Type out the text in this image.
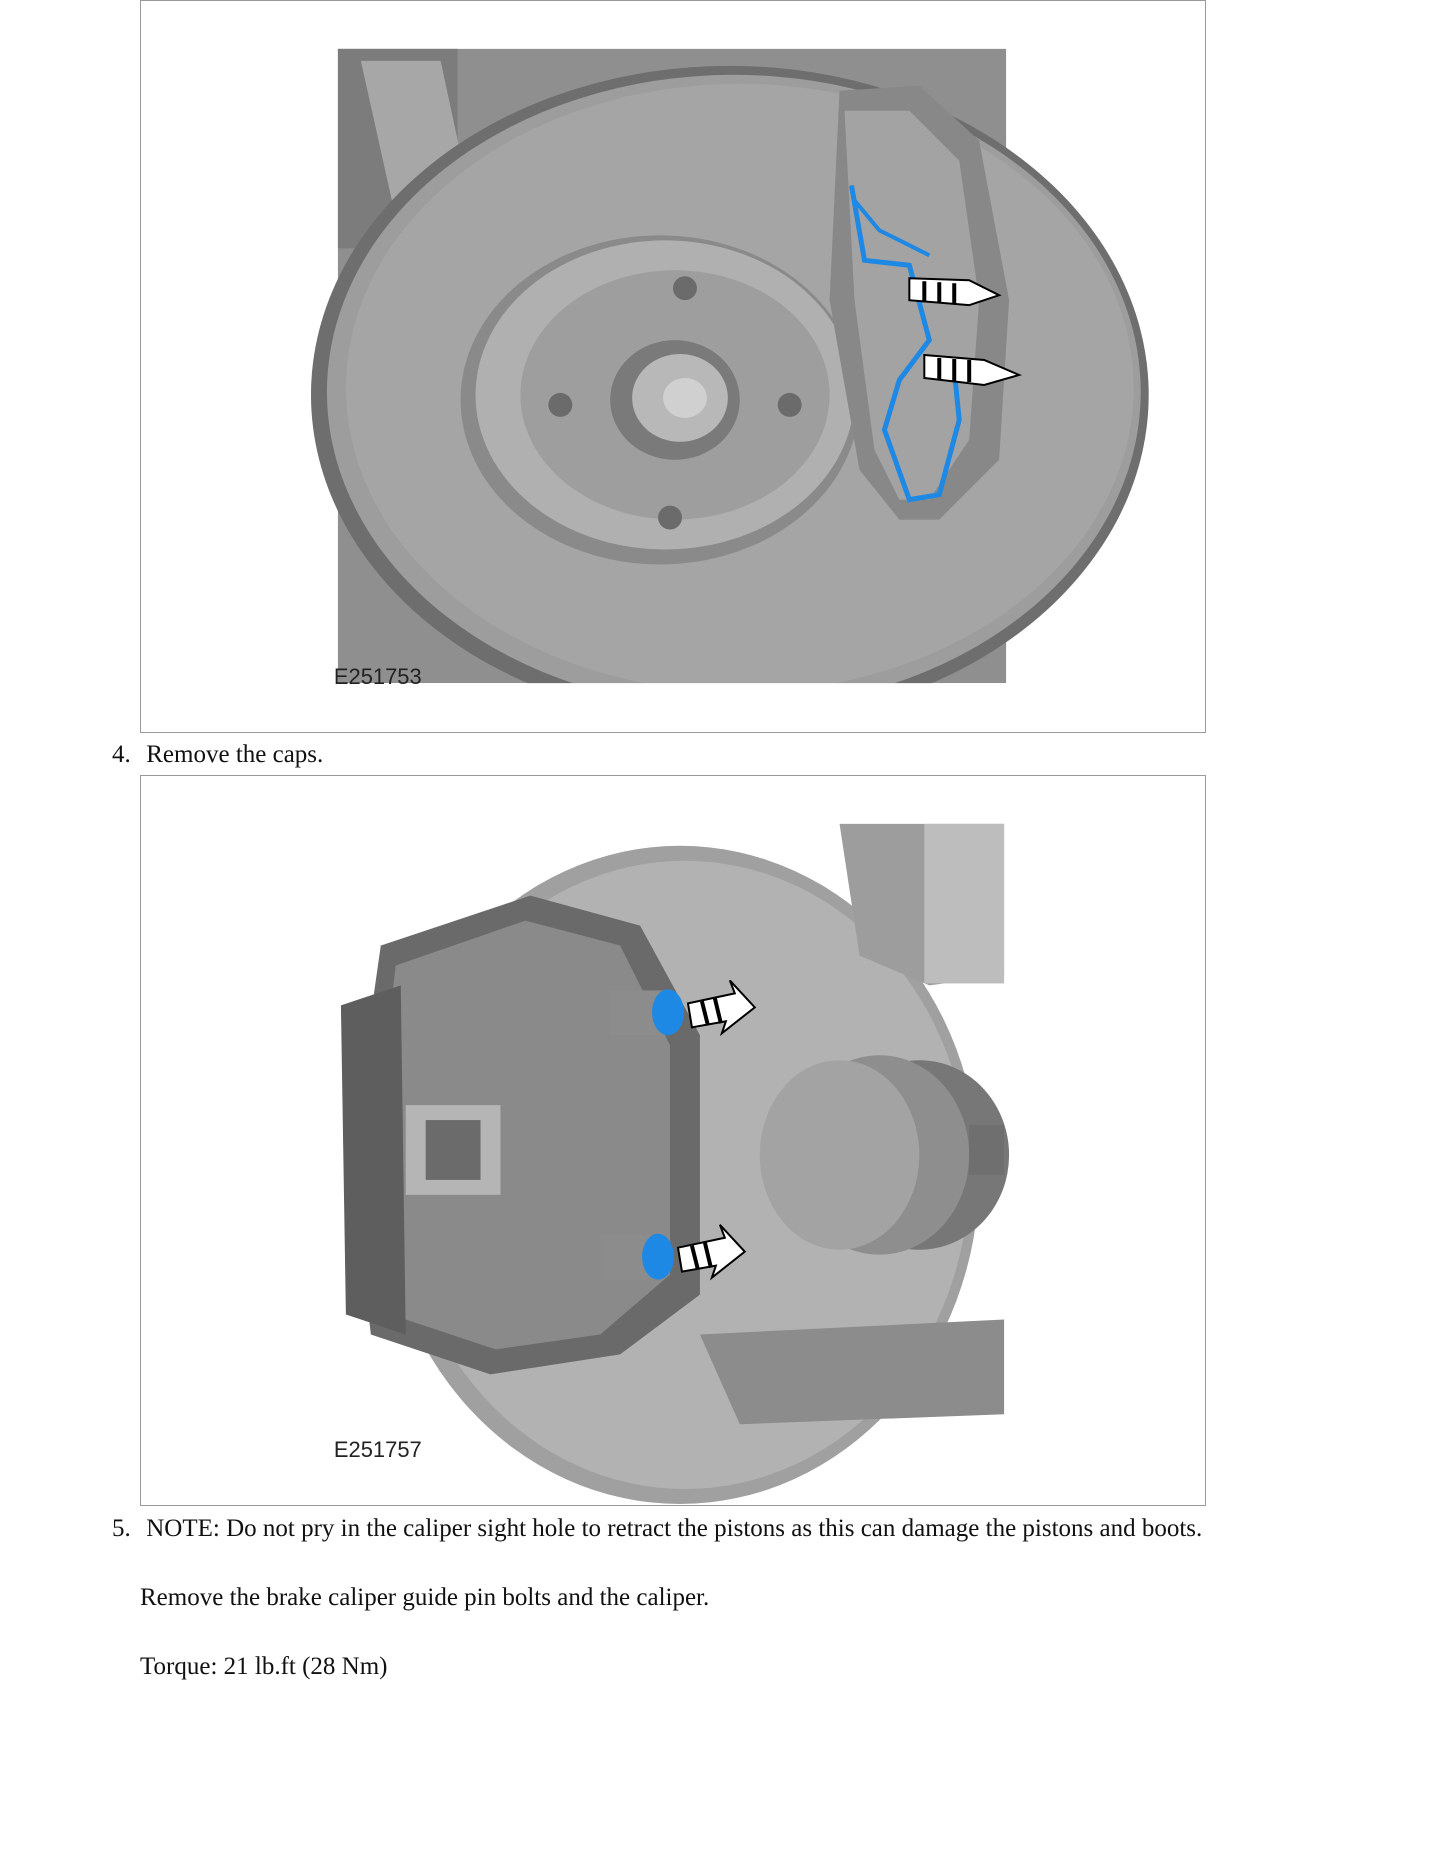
E251753
4. Remove the caps.
E251757
5. NOTE: Do not pry in the caliper sight hole to retract the pistons as this can damage the pistons and boots.
Remove the brake caliper guide pin bolts and the caliper.
Torque: 21 lb.ft (28 Nm)
